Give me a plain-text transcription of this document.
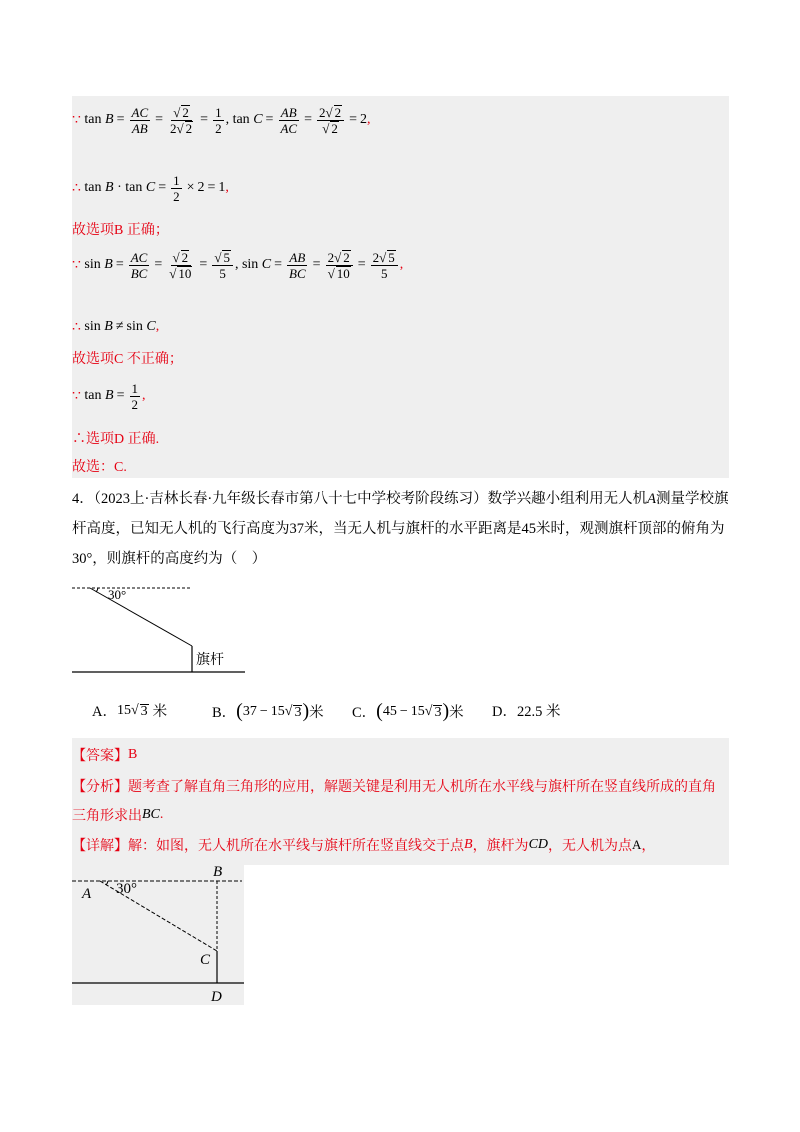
∵ $\tan B = \frac{AC}{AB} = \frac{√ 2}{2√ 2} = \frac{1}{2}$ , $\tan C = \frac{AB}{AC} = \frac{2√ 2}{√ 2} = 2$ ,
∴ $\tan B \cdot \tan C = \frac{1}{2} \times 2 = 1$ ,
故选项B 正确；
∵ $\sin B = \frac{AC}{BC} = \frac{√ 2}{√ 10} = \frac{√ 5}{5}$ , $\sin C = \frac{AB}{BC} = \frac{2√ 2}{√ 10} = \frac{2√ 5}{5}$ ,
∴ sin B ≠ sin C ,
故选项C 不正确；
∵ $\tan B = \frac{1}{2}$ ,
∴选项D 正确.
故选：C.
4．（2023上·吉林长春·九年级长春市第八十七中学校考阶段练习）数学兴趣小组利用无人机A测量学校旗
杆高度，已知无人机的飞行高度为37米，当无人机与旗杆的水平距离是45米时，观测旗杆顶部的俯角为
30°，则旗杆的高度约为（　）
30°
旗杆
A． 15 √ 3 米	B． ( 37 − 15 √ 3 ) 米 C． ( 45 − 15 √ 3 ) 米 D． 22.5 米
【答案】 B
【分析】 题考查了解直角三角形的应用，解题关键是利用无人机所在水平线与旗杆所在竖直线所成的直角
三角形求出 BC .
【详解】 解：如图，无人机所在水平线与旗杆所在竖直线交于点 B ，旗杆为 CD ，无人机为点 A ，
A 30°
B
C
D
